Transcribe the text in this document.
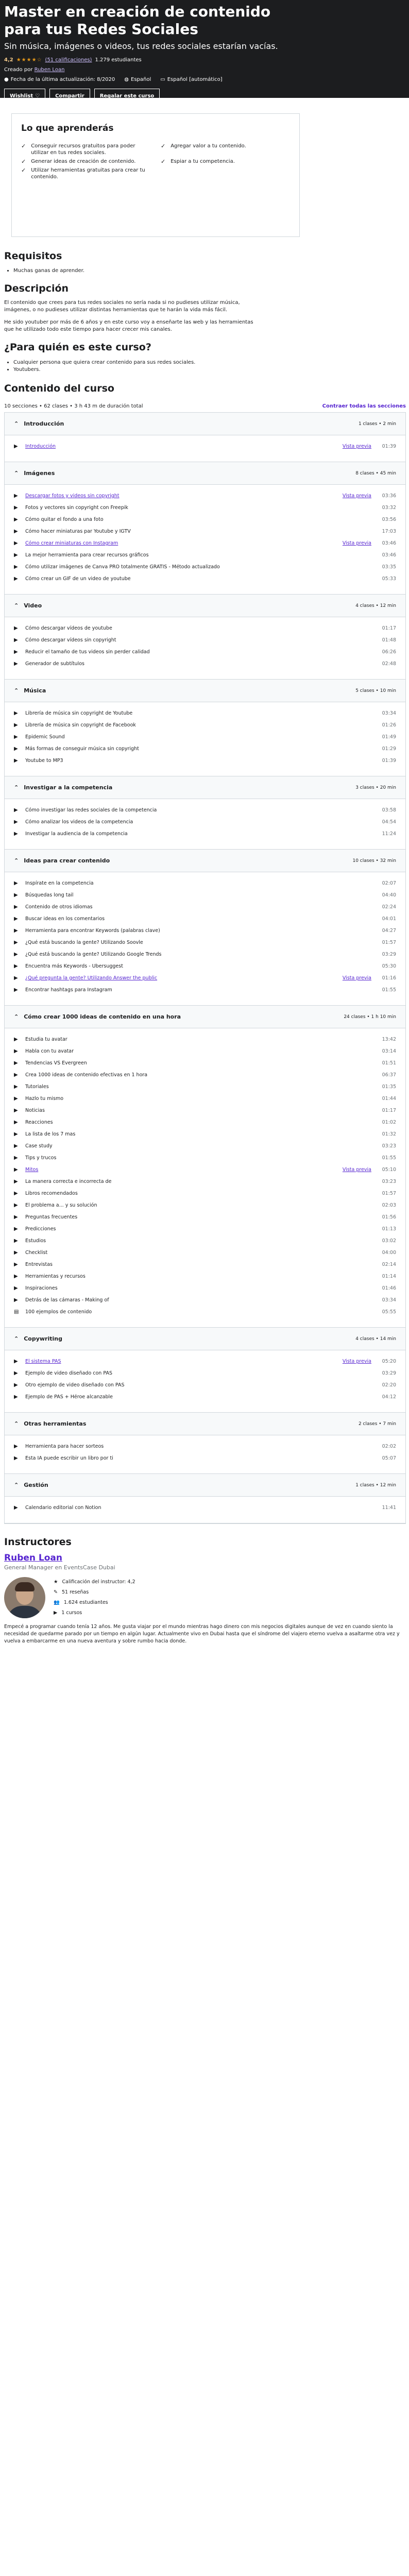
Master en creación de contenido para tus Redes Sociales
Sin música, imágenes o videos, tus redes sociales estarían vacías.
4,2 ★★★★☆ (51 calificaciones) 1.279 estudiantes
Creado por Ruben Loan
● Fecha de la última actualización: 8/2020 ◍ Español ▭ Español [automático]
Wishlist ♡	Compartir	Regalar este curso
Lo que aprenderás
✓ Conseguir recursos gratuitos para poder utilizar en tus redes sociales.
✓ Agregar valor a tu contenido.
✓ Generar ideas de creación de contenido.	✓ Espiar a tu competencia.
✓ Utilizar herramientas gratuitas para crear tu contenido.
Requisitos
• Muchas ganas de aprender.
Descripción

El contenido que crees para tus redes sociales no sería nada si no pudieses utilizar música, imágenes, o no pudieses utilizar distintas herramientas que te harán la vida más fácil.

He sido youtuber por más de 6 años y en este curso voy a enseñarte las web y las herramientas que he utilizado todo este tiempo para hacer crecer mis canales.

¿Para quién es este curso?
• Cualquier persona que quiera crear contenido para sus redes sociales.
• Youtubers.
Contenido del curso
10 secciones • 62 clases • 3 h 43 m de duración total	Contraer todas las secciones
⌃ Introducción	1 clases • 2 min
▶	Introducción	Vista previa	01:39
⌃ Imágenes	8 clases • 45 min
▶	Descargar fotos y videos sin copyright	Vista previa	03:36
▶	Fotos y vectores sin copyright con Freepik	03:32
▶	Cómo quitar el fondo a una foto	03:56
▶	Cómo hacer miniaturas par Youtube y IGTV	17:03
▶	Cómo crear miniaturas con Instagram	Vista previa	03:46
▶	La mejor herramienta para crear recursos gráficos	03:46
▶	Cómo utilizar imágenes de Canva PRO totalmente GRATIS - Método actualizado	03:35
▶	Cómo crear un GIF de un video de youtube	05:33
⌃ Video	4 clases • 12 min
▶	Cómo descargar vídeos de youtube	01:17
▶	Cómo descargar vídeos sin copyright	01:48
▶	Reducir el tamaño de tus videos sin perder calidad	06:26
▶	Generador de subtítulos	02:48
⌃ Música	5 clases • 10 min
▶	Librería de música sin copyright de Youtube	03:34
▶	Librería de música sin copyright de Facebook	01:26
▶	Epidemic Sound	01:49
▶	Más formas de conseguir música sin copyright	01:29
▶	Youtube to MP3	01:39
⌃ Investigar a la competencia	3 clases • 20 min
▶	Cómo investigar las redes sociales de la competencia	03:58
▶	Cómo analizar los videos de la competencia	04:54
▶	Investigar la audiencia de la competencia	11:24
⌃ Ideas para crear contenido	10 clases • 32 min
▶	Inspírate en la competencia	02:07
▶	Búsquedas long tail	04:40
▶	Contenido de otros idiomas	02:24
▶	Buscar ideas en los comentarios	04:01
▶	Herramienta para encontrar Keywords (palabras clave)	04:27
▶	¿Qué está buscando la gente? Utilizando Soovle	01:57
▶	¿Qué está buscando la gente? Utilizando Google Trends	03:29
▶	Encuentra más Keywords - Ubersuggest	05:30
▶	¿Qué pregunta la gente? Utilizando Answer the public	Vista previa	01:16
▶	Encontrar hashtags para Instagram	01:55
⌃ Cómo crear 1000 ideas de contenido en una hora	24 clases • 1 h 10 min
▶	Estudia tu avatar	13:42
▶	Habla con tu avatar	03:14
▶	Tendencias VS Evergreen	01:51
▶	Crea 1000 ideas de contenido efectivas en 1 hora	06:37
▶	Tutoriales	01:35
▶	Hazlo tu mismo	01:44
▶	Noticias	01:17
▶	Reacciones	01:02
▶	La lista de los 7 mas	01:32
▶	Case study	03:23
▶	Tips y trucos	01:55
▶	Mitos	Vista previa	05:10
▶	La manera correcta e incorrecta de	03:23
▶	Libros recomendados	01:57
▶	El problema a... y su solución	02:03
▶	Preguntas frecuentes	01:56
▶	Predicciones	01:13
▶	Estudios	03:02
▶	Checklist	04:00
▶	Entrevistas	02:14
▶	Herramientas y recursos	01:14
▶	Inspiraciones	01:46
▶	Detrás de las cámaras - Making of	03:34
▤	100 ejemplos de contenido	05:55
⌃ Copywriting	4 clases • 14 min
▶	El sistema PAS	Vista previa	05:20
▶	Ejemplo de video diseñado con PAS	03:29
▶	Otro ejemplo de video diseñado con PAS	02:20
▶	Ejemplo de PAS + Héroe alcanzable	04:12
⌃ Otras herramientas	2 clases • 7 min
▶	Herramienta para hacer sorteos	02:02
▶	Esta IA puede escribir un libro por ti	05:07
⌃ Gestión	1 clases • 12 min
▶	Calendario editorial con Notion	11:41
Instructores
Ruben Loan
General Manager en EventsCase Dubai
★ Calificación del instructor: 4,2
✎ 51 reseñas
👥 1.624 estudiantes
▶ 1 cursos
Empecé a programar cuando tenía 12 años. Me gusta viajar por el mundo mientras hago dinero con mis negocios digitales aunque de vez en cuando siento la necesidad de quedarme parado por un tiempo en algún lugar. Actualmente vivo en Dubai hasta que el síndrome del viajero eterno vuelva a asaltarme otra vez y vuelva a embarcarme en una nueva aventura y sobre rumbo hacia donde.
